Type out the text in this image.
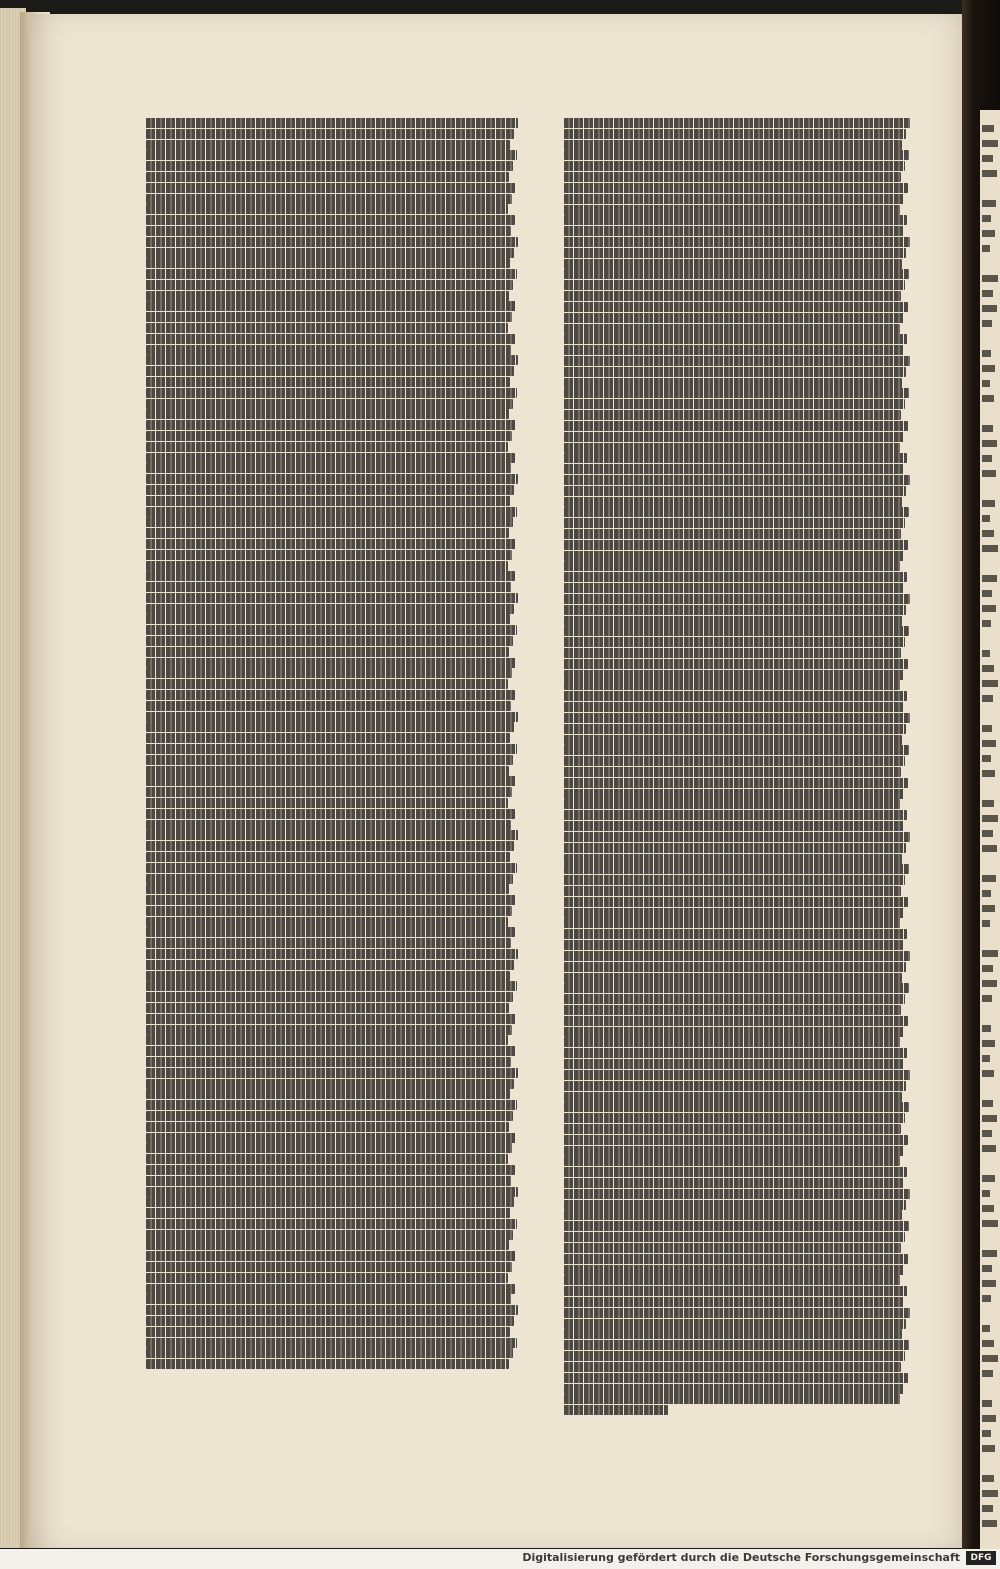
Digitalisierung gefördert durch die Deutsche Forschungsgemeinschaft	DFG
